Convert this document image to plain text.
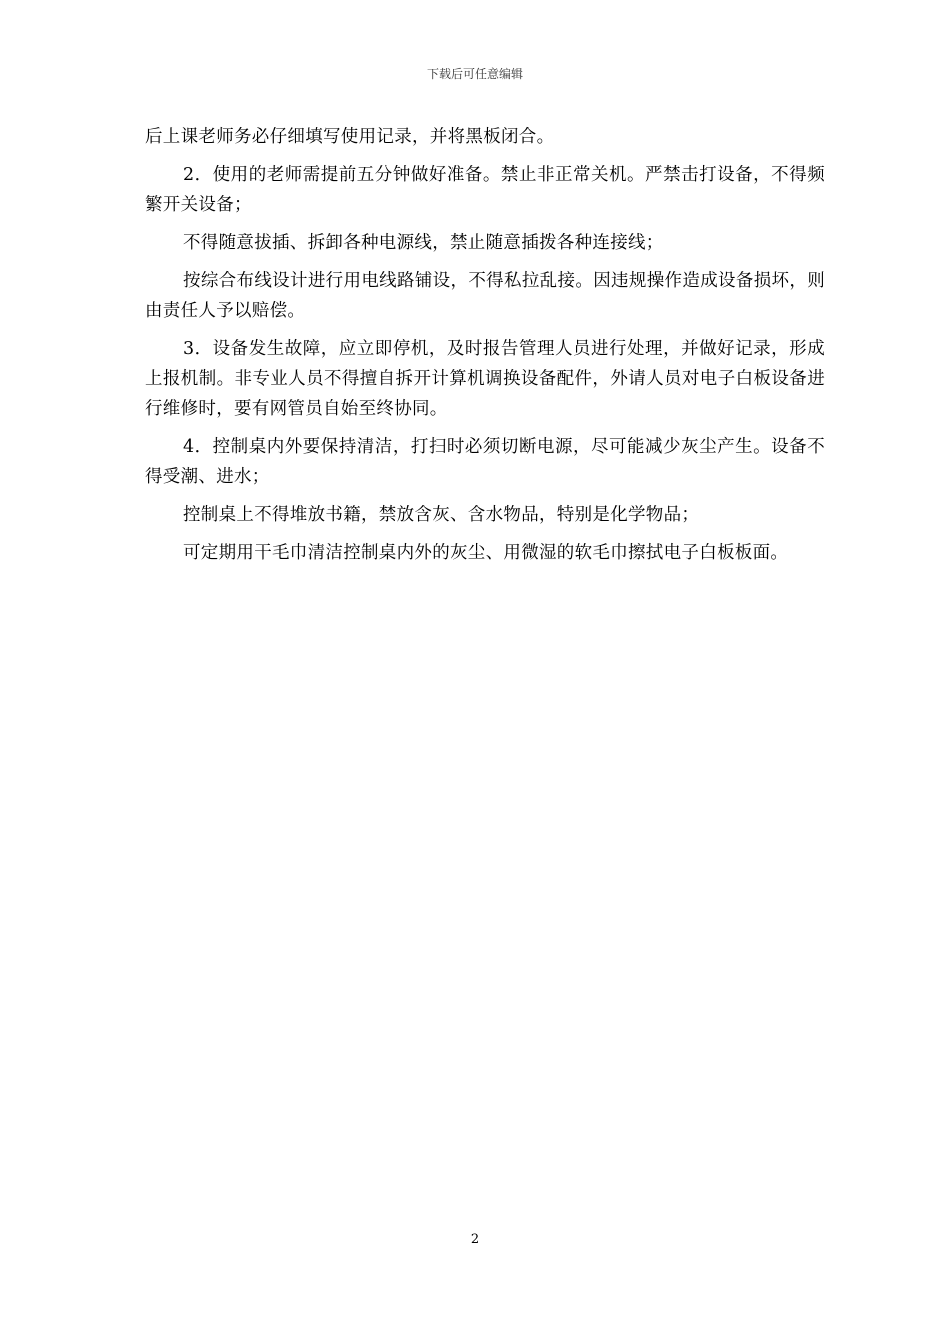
下载后可任意编辑

后上课老师务必仔细填写使用记录，并将黑板闭合。

2．使用的老师需提前五分钟做好准备。禁止非正常关机。严禁击打设备，不得频繁开关设备；

不得随意拔插、拆卸各种电源线，禁止随意插拨各种连接线；

按综合布线设计进行用电线路铺设，不得私拉乱接。因违规操作造成设备损坏，则由责任人予以赔偿。

3．设备发生故障，应立即停机，及时报告管理人员进行处理，并做好记录，形成上报机制。非专业人员不得擅自拆开计算机调换设备配件，外请人员对电子白板设备进行维修时，要有网管员自始至终协同。

4．控制桌内外要保持清洁，打扫时必须切断电源，尽可能减少灰尘产生。设备不得受潮、进水；

控制桌上不得堆放书籍，禁放含灰、含水物品，特别是化学物品；

可定期用干毛巾清洁控制桌内外的灰尘、用微湿的软毛巾擦拭电子白板板面。

2
